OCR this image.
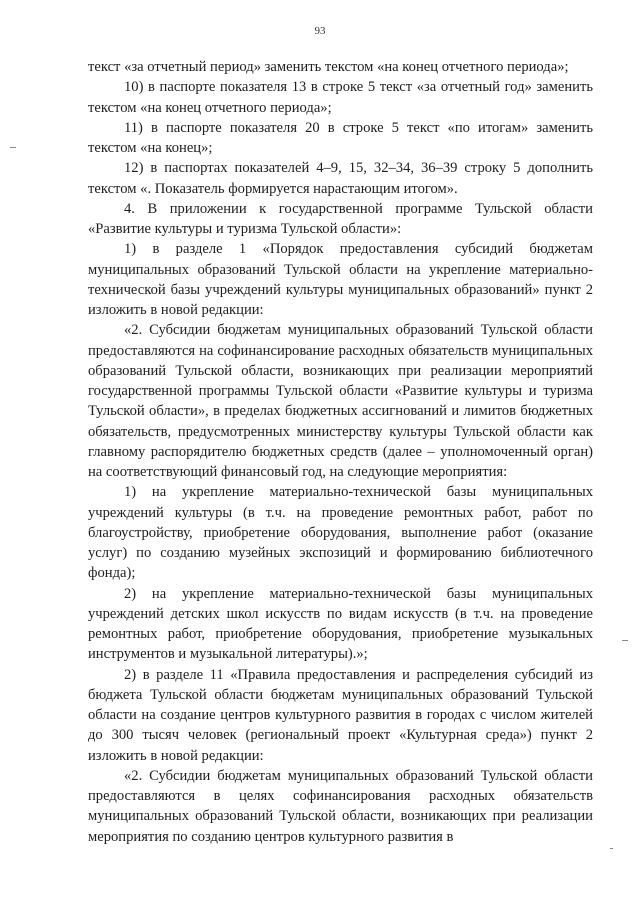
93

текст «за отчетный период» заменить текстом «на конец отчетного периода»;

10) в паспорте показателя 13 в строке 5 текст «за отчетный год» заменить текстом «на конец отчетного периода»;

11) в паспорте показателя 20 в строке 5 текст «по итогам» заменить текстом «на конец»;

12) в паспортах показателей 4–9, 15, 32–34, 36–39 строку 5 дополнить текстом «. Показатель формируется нарастающим итогом».

4. В приложении к государственной программе Тульской области «Развитие культуры и туризма Тульской области»:

1) в разделе 1 «Порядок предоставления субсидий бюджетам муниципальных образований Тульской области на укрепление материально-технической базы учреждений культуры муниципальных образований» пункт 2 изложить в новой редакции:

«2. Субсидии бюджетам муниципальных образований Тульской области предоставляются на софинансирование расходных обязательств муниципальных образований Тульской области, возникающих при реализации мероприятий государственной программы Тульской области «Развитие культуры и туризма Тульской области», в пределах бюджетных ассигнований и лимитов бюджетных обязательств, предусмотренных министерству культуры Тульской области как главному распорядителю бюджетных средств (далее – уполномоченный орган) на соответствующий финансовый год, на следующие мероприятия:

1) на укрепление материально-технической базы муниципальных учреждений культуры (в т.ч. на проведение ремонтных работ, работ по благоустройству, приобретение оборудования, выполнение работ (оказание услуг) по созданию музейных экспозиций и формированию библиотечного фонда);

2) на укрепление материально-технической базы муниципальных учреждений детских школ искусств по видам искусств (в т.ч. на проведение ремонтных работ, приобретение оборудования, приобретение музыкальных инструментов и музыкальной литературы).»;

2) в разделе 11 «Правила предоставления и распределения субсидий из бюджета Тульской области бюджетам муниципальных образований Тульской области на создание центров культурного развития в городах с числом жителей до 300 тысяч человек (региональный проект «Культурная среда») пункт 2 изложить в новой редакции:

«2. Субсидии бюджетам муниципальных образований Тульской области предоставляются в целях софинансирования расходных обязательств муниципальных образований Тульской области, возникающих при реализации мероприятия по созданию центров культурного развития в
